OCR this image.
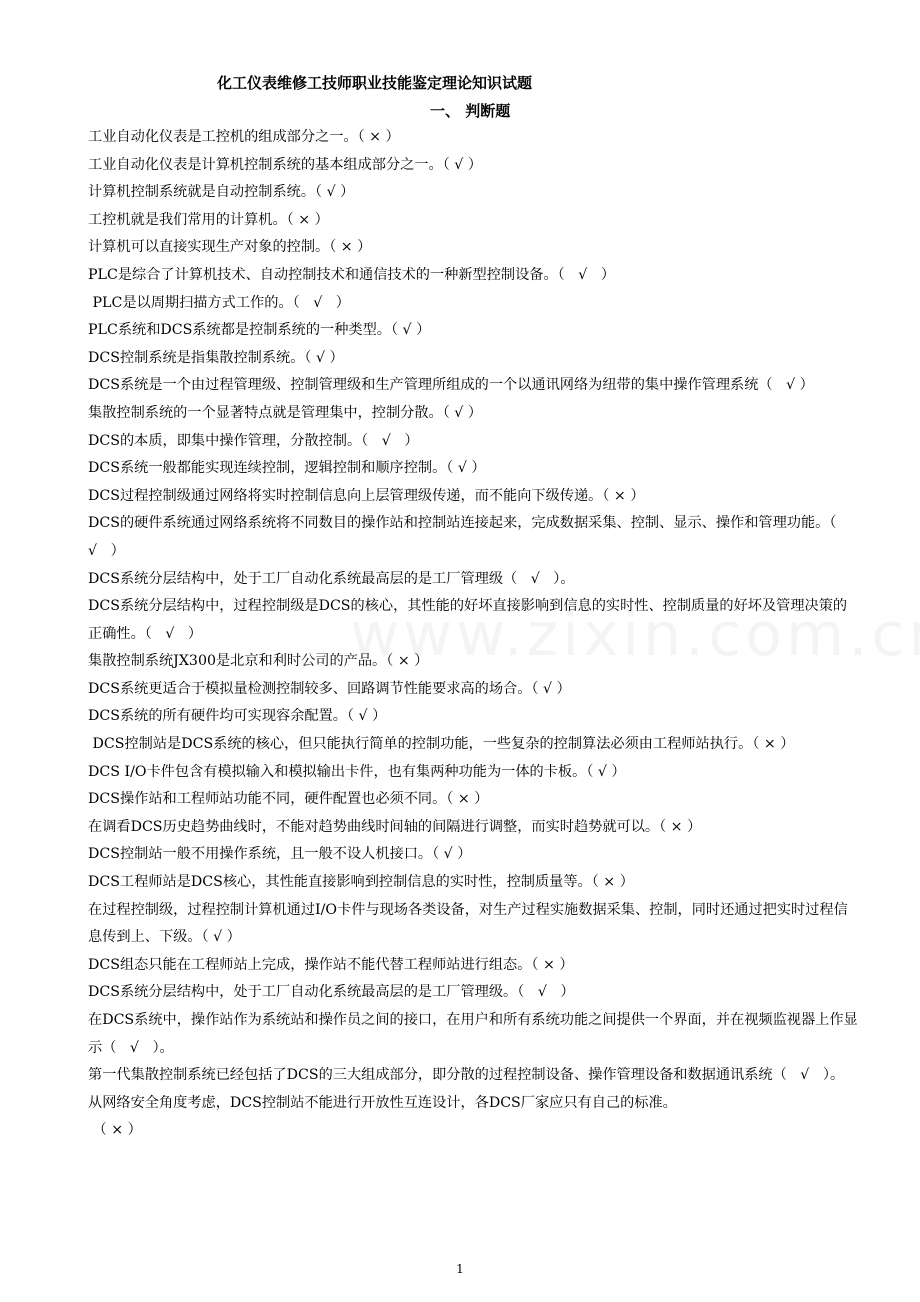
化工仪表维修工技师职业技能鉴定理论知识试题
一、 判断题

工业自动化仪表是工控机的组成部分之一。（ × ）

工业自动化仪表是计算机控制系统的基本组成部分之一。（ √ ）

计算机控制系统就是自动控制系统。（ √ ）

工控机就是我们常用的计算机。（ × ）

计算机可以直接实现生产对象的控制。（ × ）

PLC是综合了计算机技术、自动控制技术和通信技术的一种新型控制设备。（   √   ）

PLC是以周期扫描方式工作的。（   √   ）

PLC系统和DCS系统都是控制系统的一种类型。（ √ ）

DCS控制系统是指集散控制系统。（ √ ）

DCS系统是一个由过程管理级、控制管理级和生产管理所组成的一个以通讯网络为纽带的集中操作管理系统（   √ ）

集散控制系统的一个显著特点就是管理集中，控制分散。（ √ ）

DCS的本质，即集中操作管理，分散控制。（   √   ）

DCS系统一般都能实现连续控制，逻辑控制和顺序控制。（ √ ）

DCS过程控制级通过网络将实时控制信息向上层管理级传递，而不能向下级传递。（ × ）

DCS的硬件系统通过网络系统将不同数目的操作站和控制站连接起来，完成数据采集、控制、显示、操作和管理功能。（   √   ）

DCS系统分层结构中，处于工厂自动化系统最高层的是工厂管理级（   √   ）。

DCS系统分层结构中，过程控制级是DCS的核心，其性能的好坏直接影响到信息的实时性、控制质量的好坏及管理决策的正确性。（   √   ）

集散控制系统JX300是北京和利时公司的产品。（ × ）

DCS系统更适合于模拟量检测控制较多、回路调节性能要求高的场合。（ √ ）

DCS系统的所有硬件均可实现容余配置。（ √ ）

DCS控制站是DCS系统的核心，但只能执行简单的控制功能，一些复杂的控制算法必须由工程师站执行。（ × ）

DCS I/O卡件包含有模拟输入和模拟输出卡件，也有集两种功能为一体的卡板。（ √ ）

DCS操作站和工程师站功能不同，硬件配置也必须不同。（ × ）

在调看DCS历史趋势曲线时，不能对趋势曲线时间轴的间隔进行调整，而实时趋势就可以。（ × ）

DCS控制站一般不用操作系统，且一般不设人机接口。（ √ ）

DCS工程师站是DCS核心，其性能直接影响到控制信息的实时性，控制质量等。（ × ）

在过程控制级，过程控制计算机通过I/O卡件与现场各类设备，对生产过程实施数据采集、控制，同时还通过把实时过程信息传到上、下级。（ √ ）

DCS组态只能在工程师站上完成，操作站不能代替工程师站进行组态。（ × ）

DCS系统分层结构中，处于工厂自动化系统最高层的是工厂管理级。（   √   ）

在DCS系统中，操作站作为系统站和操作员之间的接口，在用户和所有系统功能之间提供一个界面，并在视频监视器上作显示（   √   ）。

第一代集散控制系统已经包括了DCS的三大组成部分，即分散的过程控制设备、操作管理设备和数据通讯系统（   √   ）。

从网络安全角度考虑，DCS控制站不能进行开放性互连设计，各DCS厂家应只有自己的标准。

（ × ）

1
